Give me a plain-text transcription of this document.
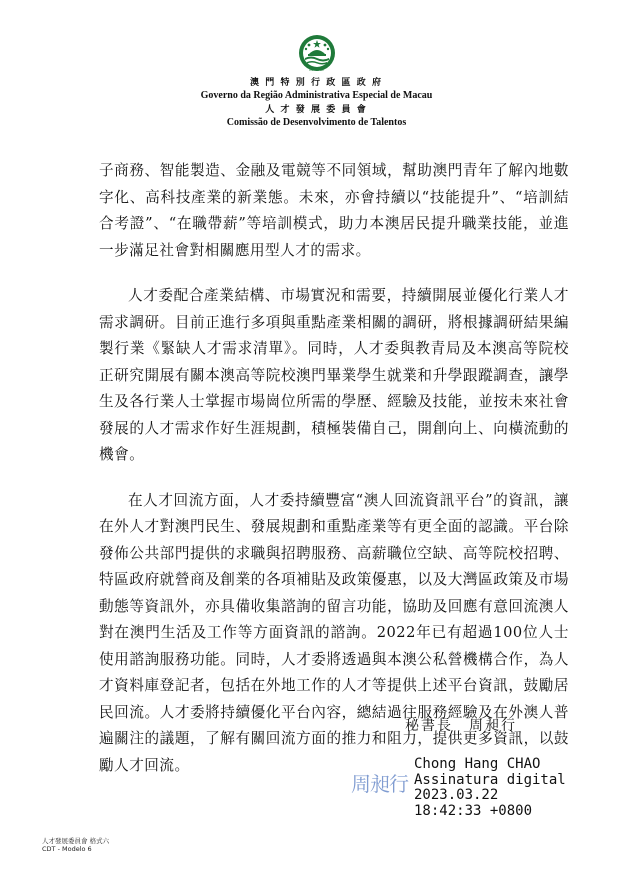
MACAU
澳 門 特 別 行 政 區 政 府
Governo da Região Administrativa Especial de Macau
人 才 發 展 委 員 會
Comissão de Desenvolvimento de Talentos

子商務、智能製造、金融及電競等不同領域，幫助澳門青年了解內地數字化、高科技產業的新業態。未來，亦會持續以“技能提升”、“培訓結合考證”、“在職帶薪”等培訓模式，助力本澳居民提升職業技能，並進一步滿足社會對相關應用型人才的需求。

人才委配合產業結構、市場實況和需要，持續開展並優化行業人才需求調研。目前正進行多項與重點產業相關的調研，將根據調研結果編製行業《緊缺人才需求清單》。同時，人才委與教青局及本澳高等院校正研究開展有關本澳高等院校澳門畢業學生就業和升學跟蹤調查，讓學生及各行業人士掌握市場崗位所需的學歷、經驗及技能，並按未來社會發展的人才需求作好生涯規劃，積極裝備自己，開創向上、向橫流動的機會。

在人才回流方面，人才委持續豐富“澳人回流資訊平台”的資訊，讓在外人才對澳門民生、發展規劃和重點產業等有更全面的認識。平台除發佈公共部門提供的求職與招聘服務、高薪職位空缺、高等院校招聘、特區政府就營商及創業的各項補貼及政策優惠，以及大灣區政策及市場動態等資訊外，亦具備收集諮詢的留言功能，協助及回應有意回流澳人對在澳門生活及工作等方面資訊的諮詢。2022年已有超過100位人士使用諮詢服務功能。同時，人才委將透過與本澳公私營機構合作，為人才資料庫登記者，包括在外地工作的人才等提供上述平台資訊，鼓勵居民回流。人才委將持續優化平台內容，總結過往服務經驗及在外澳人普遍關注的議題，了解有關回流方面的推力和阻力，提供更多資訊，以鼓勵人才回流。

秘書長　周昶行
周昶行
Chong Hang CHAO
Assinatura digital
2023.03.22
18:42:33 +0800
人才發展委員會 格式六
CDT - Modelo 6
